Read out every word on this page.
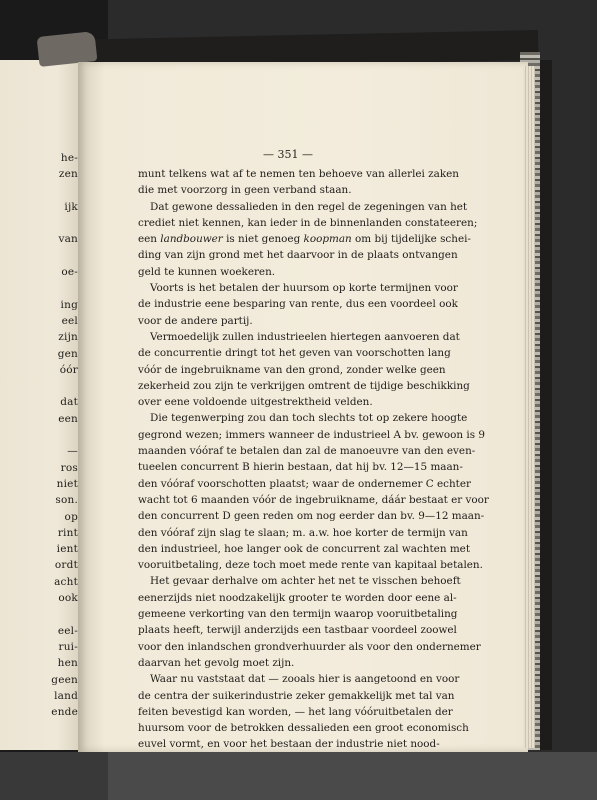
he-
zen

ijk

van

oe-

ing
eel
zijn
gen
óór

dat
een

—
ros
niet
son.
op
rint
ient
ordt
acht
ook

eel-
rui-
hen
geen
land
ende
— 351 —
munt telkens wat af te nemen ten behoeve van allerlei zaken
die met voorzorg in geen verband staan.
Dat gewone dessalieden in den regel de zegeningen van het
crediet niet kennen, kan ieder in de binnenlanden constateeren;
een landbouwer is niet genoeg koopman om bij tijdelijke schei-
ding van zijn grond met het daarvoor in de plaats ontvangen
geld te kunnen woekeren.
Voorts is het betalen der huursom op korte termijnen voor
de industrie eene besparing van rente, dus een voordeel ook
voor de andere partij.
Vermoedelijk zullen industrieelen hiertegen aanvoeren dat
de concurrentie dringt tot het geven van voorschotten lang
vóór de ingebruikname van den grond, zonder welke geen
zekerheid zou zijn te verkrijgen omtrent de tijdige beschikking
over eene voldoende uitgestrektheid velden.
Die tegenwerping zou dan toch slechts tot op zekere hoogte
gegrond wezen; immers wanneer de industrieel A bv. gewoon is 9
maanden vóóraf te betalen dan zal de manoeuvre van den even-
tueelen concurrent B hierin bestaan, dat hij bv. 12—15 maan-
den vóóraf voorschotten plaatst; waar de ondernemer C echter
wacht tot 6 maanden vóór de ingebruikname, dáár bestaat er voor
den concurrent D geen reden om nog eerder dan bv. 9—12 maan-
den vóóraf zijn slag te slaan; m. a.w. hoe korter de termijn van
den industrieel, hoe langer ook de concurrent zal wachten met
vooruitbetaling, deze toch moet mede rente van kapitaal betalen.
Het gevaar derhalve om achter het net te visschen behoeft
eenerzijds niet noodzakelijk grooter te worden door eene al-
gemeene verkorting van den termijn waarop vooruitbetaling
plaats heeft, terwijl anderzijds een tastbaar voordeel zoowel
voor den inlandschen grondverhuurder als voor den ondernemer
daarvan het gevolg moet zijn.
Waar nu vaststaat dat — zooals hier is aangetoond en voor
de centra der suikerindustrie zeker gemakkelijk met tal van
feiten bevestigd kan worden, — het lang vóóruitbetalen der
huursom voor de betrokken dessalieden een groot economisch
euvel vormt, en voor het bestaan der industrie niet nood-
